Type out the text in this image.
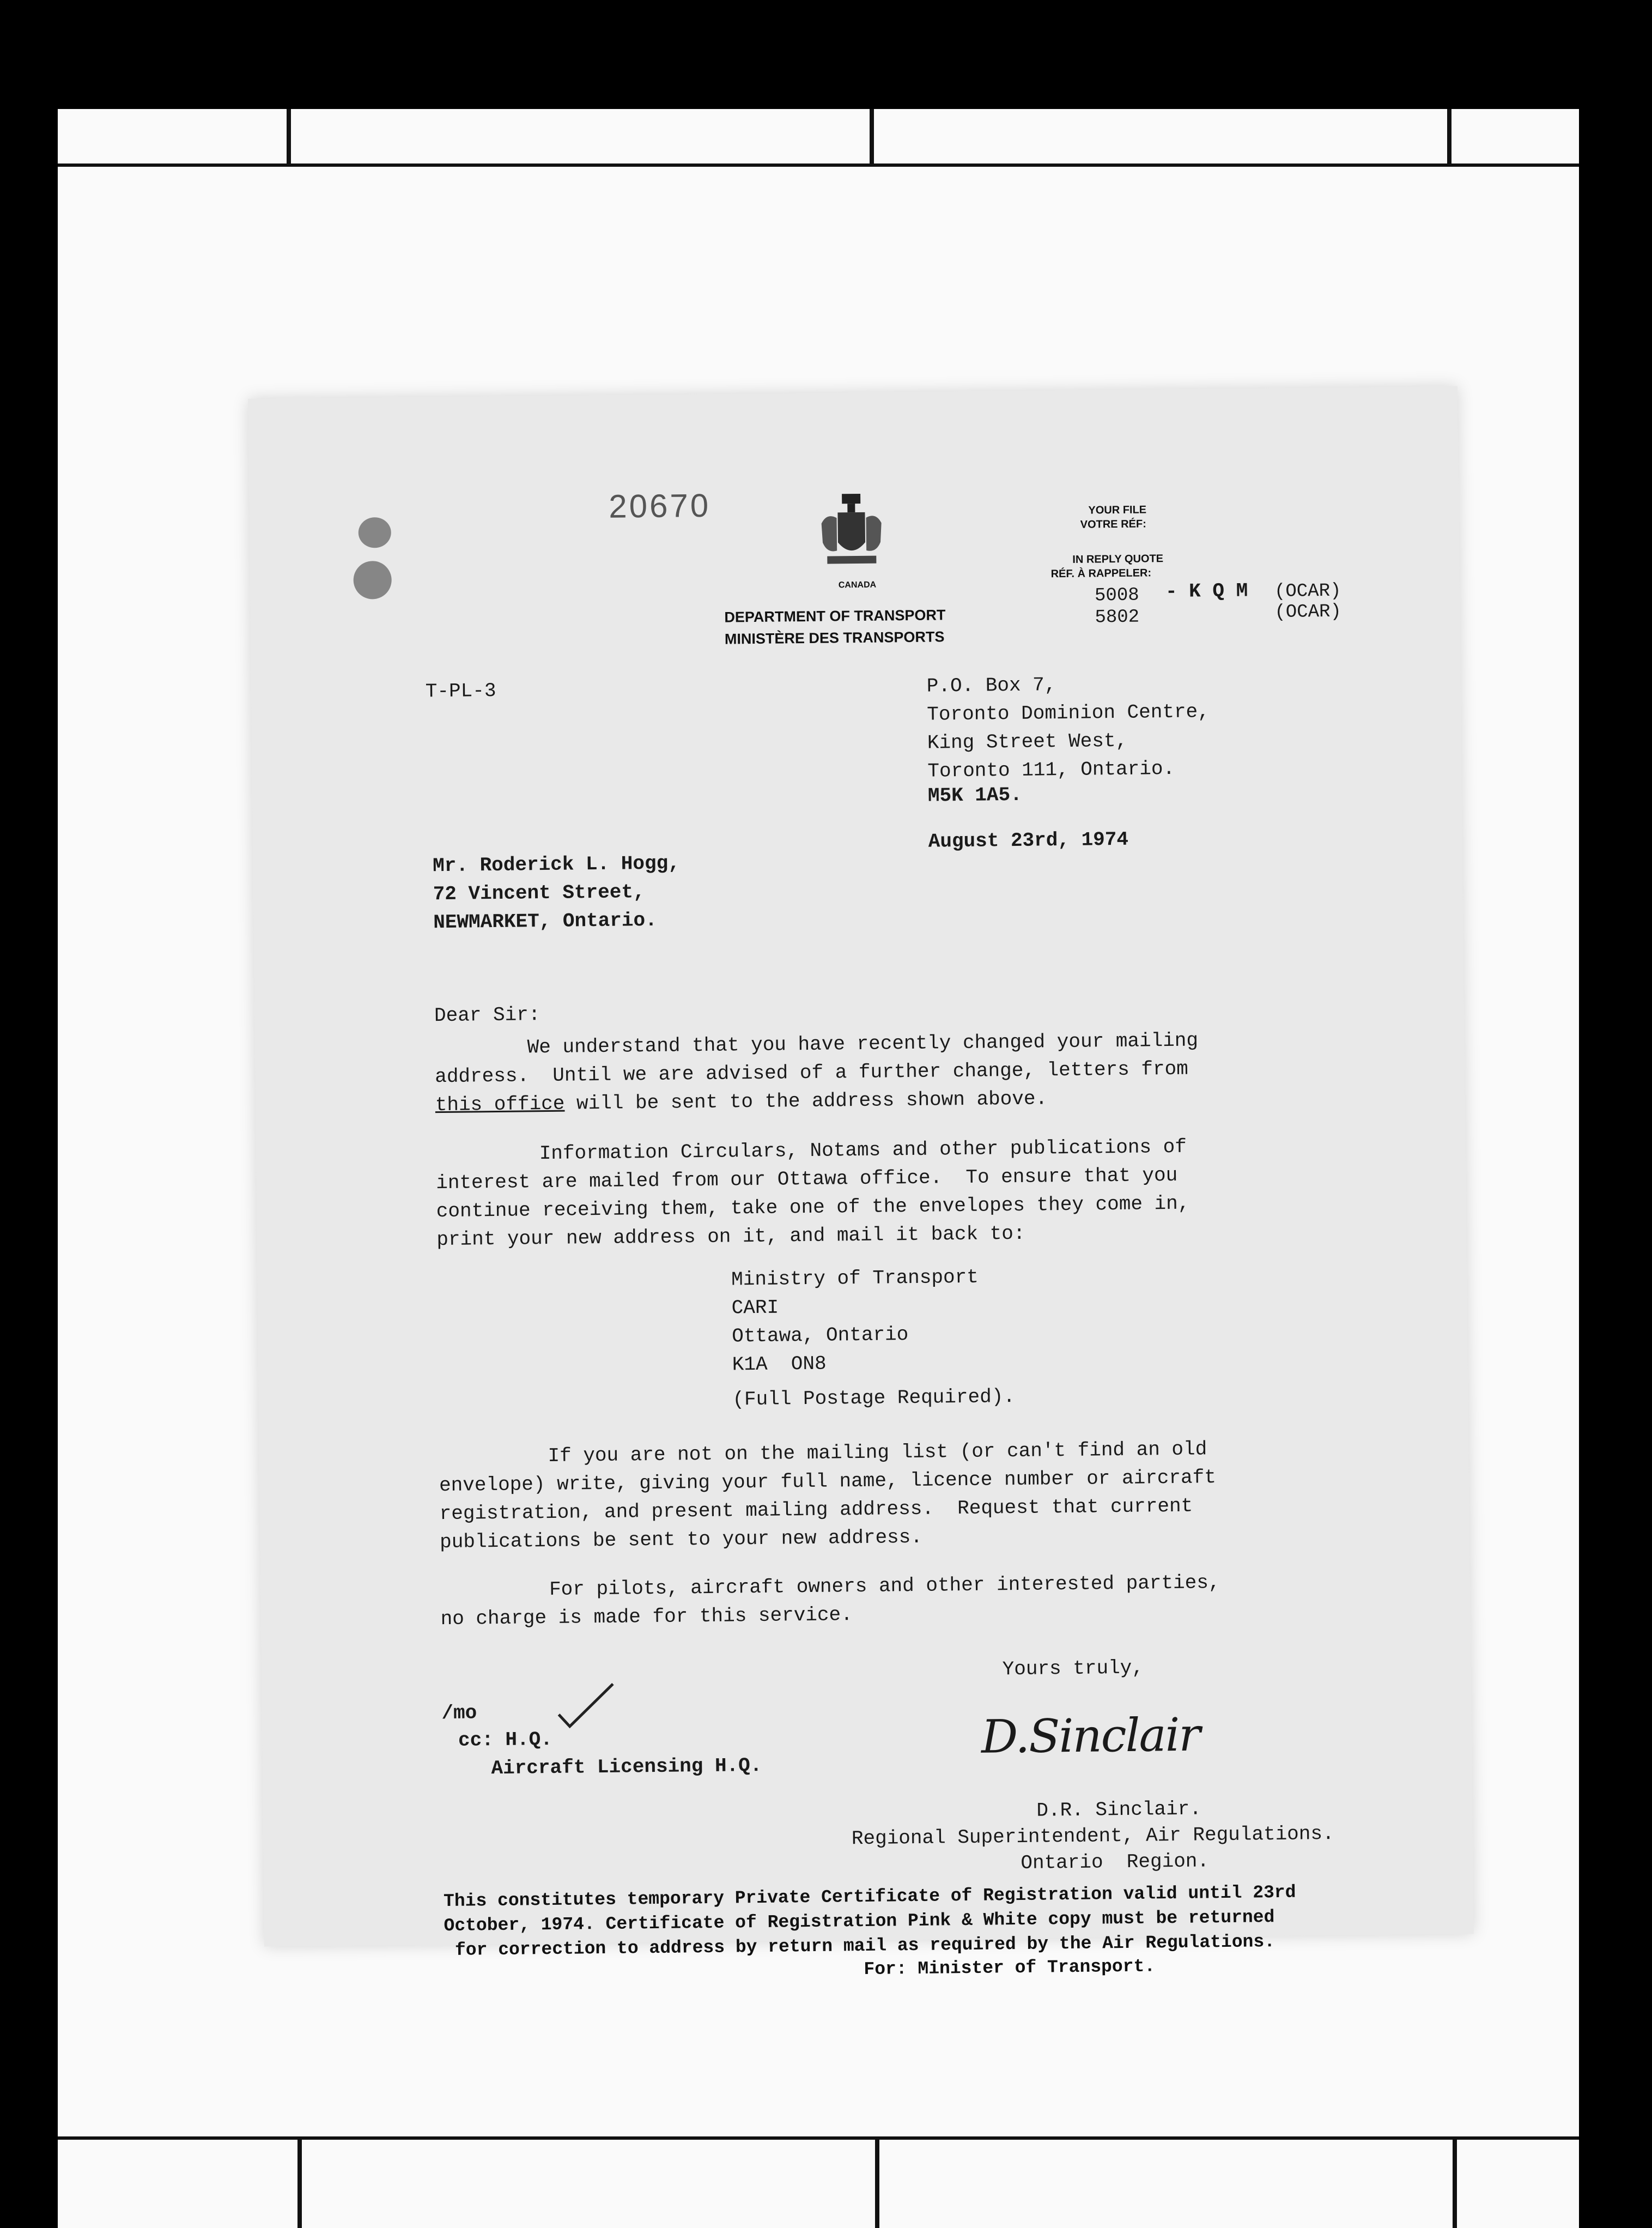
20670
CANADA
DEPARTMENT OF TRANSPORT
MINISTÈRE DES TRANSPORTS
YOUR FILE
VOTRE RÉF:
IN REPLY QUOTE
RÉF. À RAPPELER:
5008 - K Q M (OCAR)
5802	(OCAR)
T-PL-3	P.O. Box 7,
Toronto Dominion Centre,
King Street West,
Toronto 111, Ontario.
M5K 1A5.
August 23rd, 1974
Mr. Roderick L. Hogg,
72 Vincent Street,
NEWMARKET, Ontario.
Dear Sir:
We understand that you have recently changed your mailing
address.  Until we are advised of a further change, letters from
this office will be sent to the address shown above.
Information Circulars, Notams and other publications of
interest are mailed from our Ottawa office.  To ensure that you
continue receiving them, take one of the envelopes they come in,
print your new address on it, and mail it back to:
Ministry of Transport
CARI
Ottawa, Ontario
K1A  ON8
(Full Postage Required).
If you are not on the mailing list (or can't find an old
envelope) write, giving your full name, licence number or aircraft
registration, and present mailing address.  Request that current
publications be sent to your new address.
For pilots, aircraft owners and other interested parties,
no charge is made for this service.
Yours truly,
/mo
cc: H.Q.
Aircraft Licensing H.Q.
D.Sinclair
D.R. Sinclair.
Regional Superintendent, Air Regulations.
Ontario  Region.
This constitutes temporary Private Certificate of Registration valid until 23rd
October, 1974. Certificate of Registration Pink & White copy must be returned
for correction to address by return mail as required by the Air Regulations.
For: Minister of Transport.
